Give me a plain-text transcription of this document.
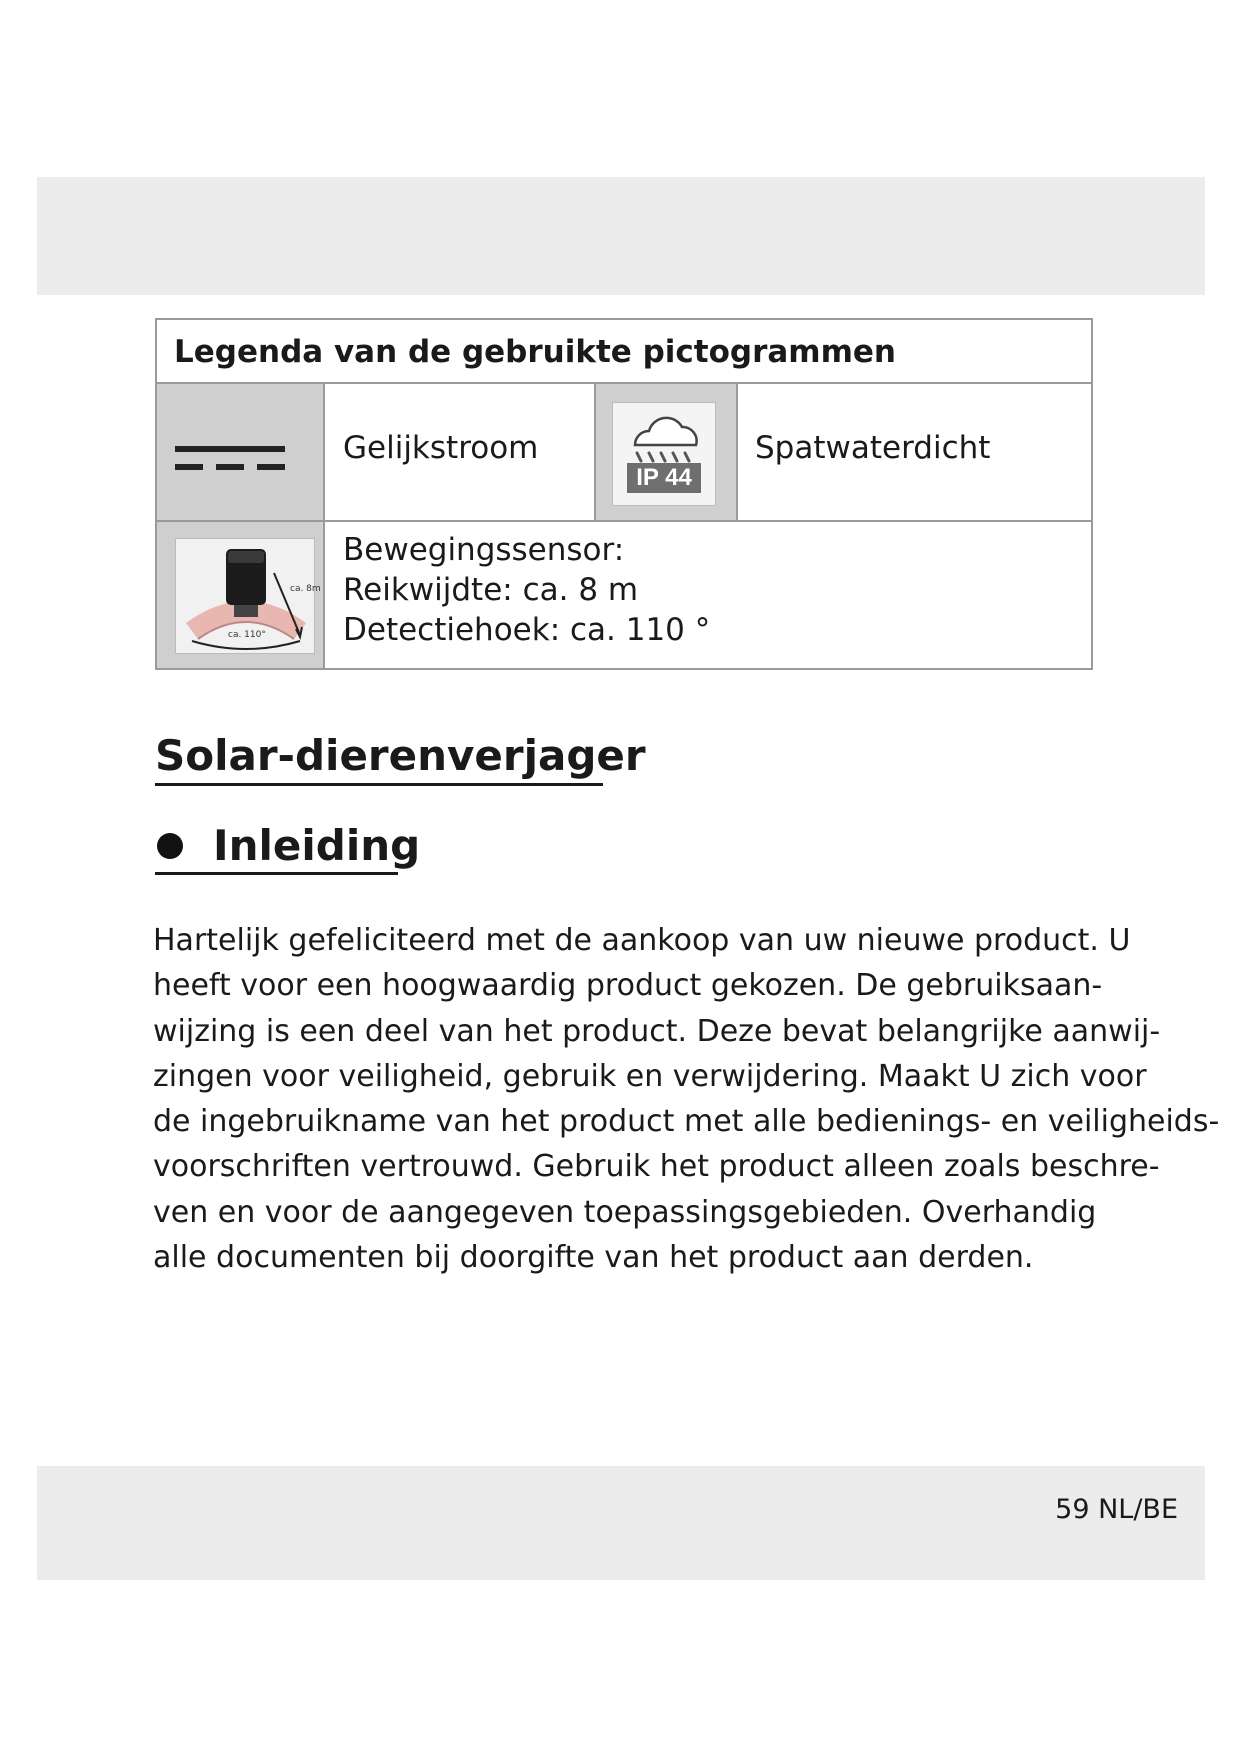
Legenda van de gebruikte pictogrammen
Gelijkstroom
IP 44
Spatwaterdicht
ca. 8m
ca. 110°
Bewegingssensor:
Reikwijdte: ca. 8 m
Detectiehoek: ca. 110 °
Solar-dierenverjager
Inleiding
Hartelijk gefeliciteerd met de aankoop van uw nieuwe product. U
heeft voor een hoogwaardig product gekozen. De gebruiksaan-
wijzing is een deel van het product. Deze bevat belangrijke aanwij-
zingen voor veiligheid, gebruik en verwijdering. Maakt U zich voor
de ingebruikname van het product met alle bedienings- en veiligheids-
voorschriften vertrouwd. Gebruik het product alleen zoals beschre-
ven en voor de aangegeven toepassingsgebieden. Overhandig
alle documenten bij doorgifte van het product aan derden.
59 NL/BE
